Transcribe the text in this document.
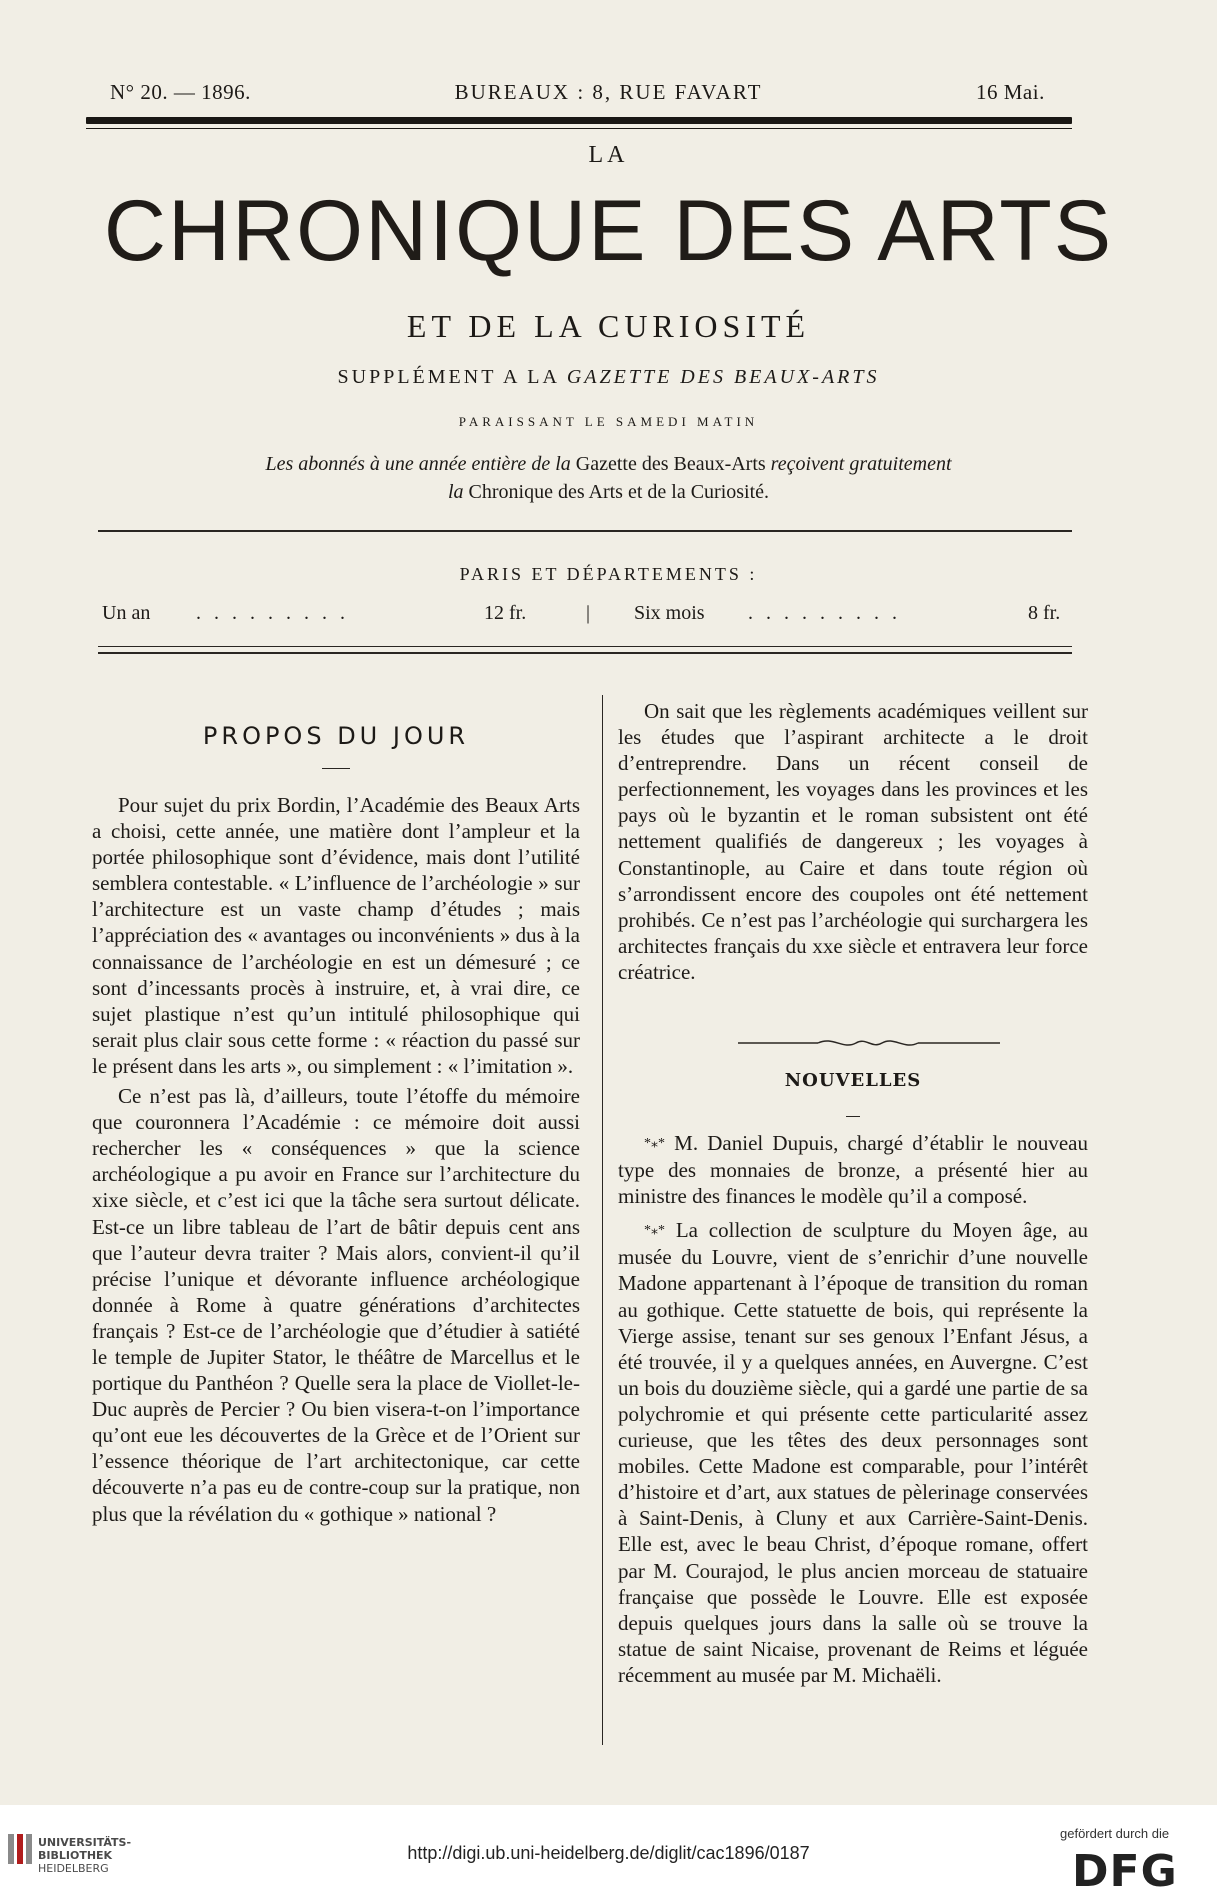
N° 20. — 1896.	BUREAUX : 8, RUE FAVART	16 Mai.
LA
CHRONIQUE DES ARTS
ET DE LA CURIOSITÉ
SUPPLÉMENT A LA GAZETTE DES BEAUX-ARTS
PARAISSANT LE SAMEDI MATIN
Les abonnés à une année entière de la Gazette des Beaux-Arts reçoivent gratuitement
la Chronique des Arts et de la Curiosité.
PARIS ET DÉPARTEMENTS :
Un an . . . . . . . . .	12 fr.	| Six mois . . . . . . . . .	8 fr.
PROPOS DU JOUR

Pour sujet du prix Bordin, l’Académie des Beaux Arts a choisi, cette année, une matière dont l’ampleur et la portée philosophique sont d’évidence, mais dont l’utilité semblera contestable. « L’influence de l’archéologie » sur l’architecture est un vaste champ d’études ; mais l’appréciation des « avantages ou inconvénients » dus à la connaissance de l’archéologie en est un démesuré ; ce sont d’incessants procès à instruire, et, à vrai dire, ce sujet plastique n’est qu’un intitulé philosophique qui serait plus clair sous cette forme : « réaction du passé sur le présent dans les arts », ou simplement : « l’imitation ».

Ce n’est pas là, d’ailleurs, toute l’étoffe du mémoire que couronnera l’Académie : ce mémoire doit aussi rechercher les « conséquences » que la science archéologique a pu avoir en France sur l’architecture du xixe siècle, et c’est ici que la tâche sera surtout délicate. Est-ce un libre tableau de l’art de bâtir depuis cent ans que l’auteur devra traiter ? Mais alors, convient-il qu’il précise l’unique et dévorante influence archéologique donnée à Rome à quatre générations d’architectes français ? Est-ce de l’archéologie que d’étudier à satiété le temple de Jupiter Stator, le théâtre de Marcellus et le portique du Panthéon ? Quelle sera la place de Viollet-le-Duc auprès de Percier ? Ou bien visera-t-on l’importance qu’ont eue les découvertes de la Grèce et de l’Orient sur l’essence théorique de l’art architectonique, car cette découverte n’a pas eu de contre-coup sur la pratique, non plus que la révélation du « gothique » national ?

On sait que les règlements académiques veillent sur les études que l’aspirant architecte a le droit d’entreprendre. Dans un récent conseil de perfectionnement, les voyages dans les provinces et les pays où le byzantin et le roman subsistent ont été nettement qualifiés de dangereux ; les voyages à Constantinople, au Caire et dans toute région où s’arrondissent encore des coupoles ont été nettement prohibés. Ce n’est pas l’archéologie qui surchargera les architectes français du xxe siècle et entravera leur force créatrice.

NOUVELLES

*⁎* M. Daniel Dupuis, chargé d’établir le nouveau type des monnaies de bronze, a présenté hier au ministre des finances le modèle qu’il a composé.

*⁎* La collection de sculpture du Moyen âge, au musée du Louvre, vient de s’enrichir d’une nouvelle Madone appartenant à l’époque de transition du roman au gothique. Cette statuette de bois, qui représente la Vierge assise, tenant sur ses genoux l’Enfant Jésus, a été trouvée, il y a quelques années, en Auvergne. C’est un bois du douzième siècle, qui a gardé une partie de sa polychromie et qui présente cette particularité assez curieuse, que les têtes des deux personnages sont mobiles. Cette Madone est comparable, pour l’intérêt d’histoire et d’art, aux statues de pèlerinage conservées à Saint-Denis, à Cluny et aux Carrière-Saint-Denis. Elle est, avec le beau Christ, d’époque romane, offert par M. Courajod, le plus ancien morceau de statuaire française que possède le Louvre. Elle est exposée depuis quelques jours dans la salle où se trouve la statue de saint Nicaise, provenant de Reims et léguée récemment au musée par M. Michaëli.

UNIVERSITÄTS-
BIBLIOTHEK
HEIDELBERG
http://digi.ub.uni-heidelberg.de/diglit/cac1896/0187
gefördert durch die
DFG
